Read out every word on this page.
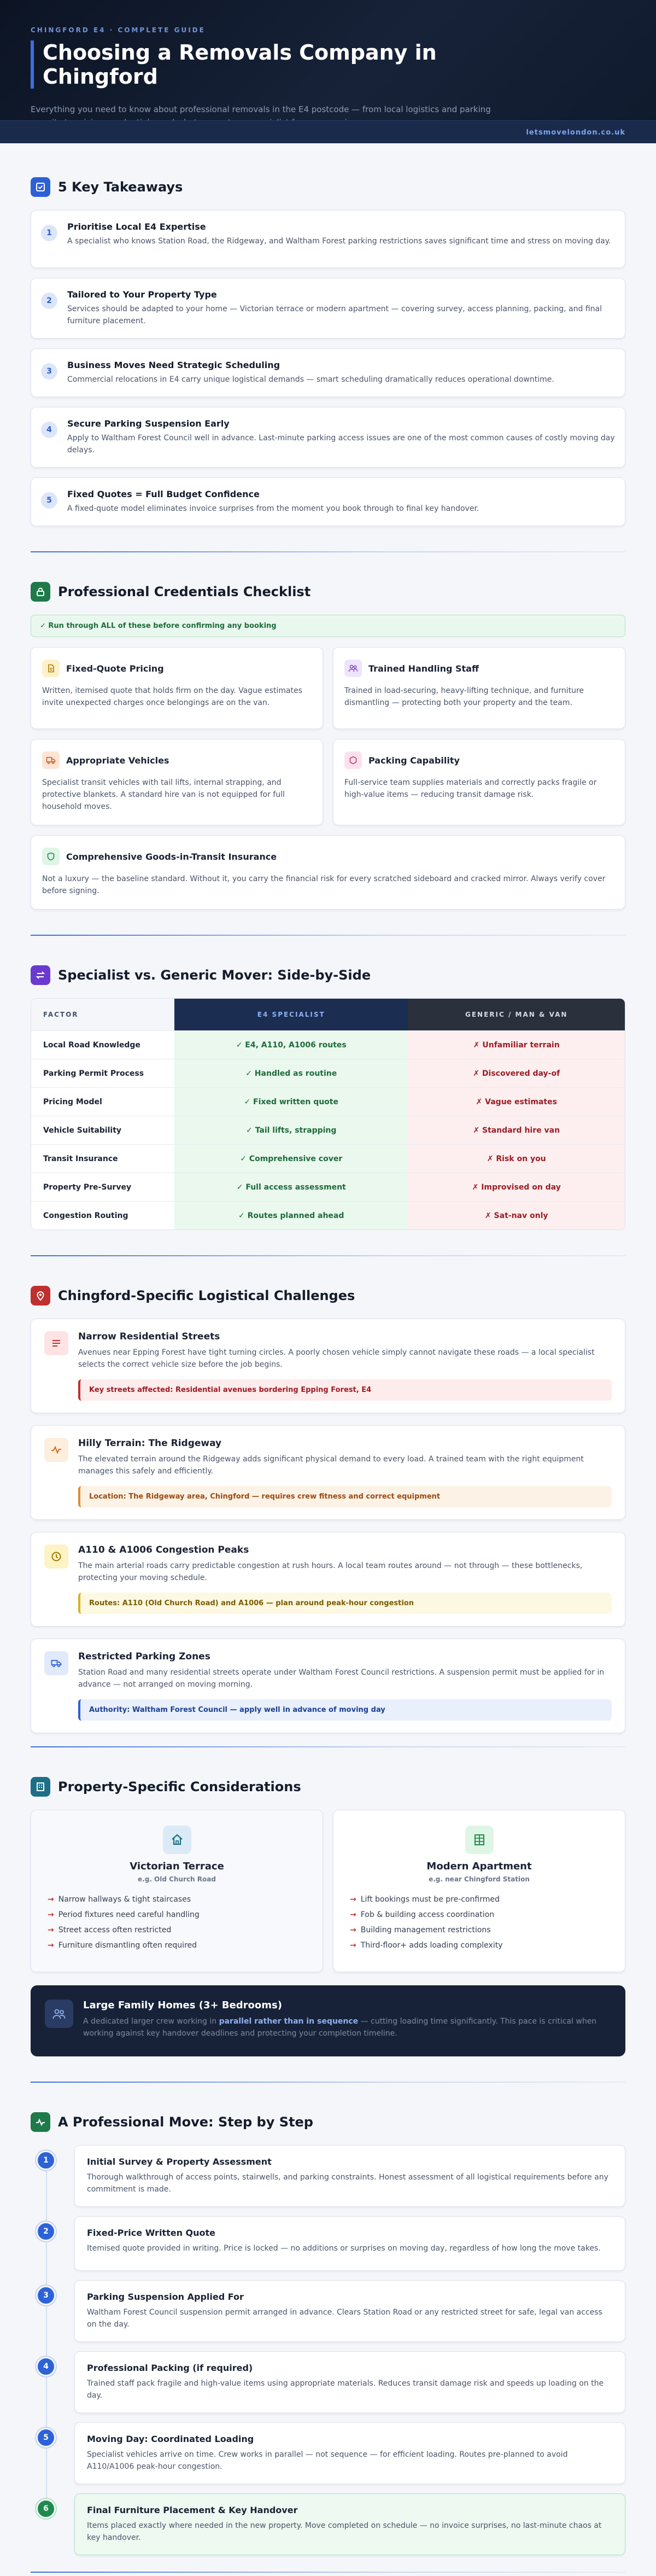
CHINGFORD E4 · COMPLETE GUIDE
Choosing a Removals Company in Chingford

Everything you need to know about professional removals in the E4 postcode — from local logistics and parking

letsmovelondon.co.uk
5 Key Takeaways
1
Prioritise Local E4 Expertise

A specialist who knows Station Road, the Ridgeway, and Waltham Forest parking restrictions saves significant time and stress on moving day.

2
Tailored to Your Property Type

Services should be adapted to your home — Victorian terrace or modern apartment — covering survey, access planning, packing, and final furniture placement.

3
Business Moves Need Strategic Scheduling

Commercial relocations in E4 carry unique logistical demands — smart scheduling dramatically reduces operational downtime.

4
Secure Parking Suspension Early

Apply to Waltham Forest Council well in advance. Last-minute parking access issues are one of the most common causes of costly moving day delays.

5
Fixed Quotes = Full Budget Confidence

A fixed-quote model eliminates invoice surprises from the moment you book through to final key handover.

Professional Credentials Checklist
✓ Run through ALL of these before confirming any booking
Fixed-Quote Pricing

Written, itemised quote that holds firm on the day. Vague estimates invite unexpected charges once belongings are on the van.

Trained Handling Staff

Trained in load-securing, heavy-lifting technique, and furniture dismantling — protecting both your property and the team.

Appropriate Vehicles

Specialist transit vehicles with tail lifts, internal strapping, and protective blankets. A standard hire van is not equipped for full household moves.

Packing Capability

Full-service team supplies materials and correctly packs fragile or high-value items — reducing transit damage risk.

Comprehensive Goods-in-Transit Insurance

Not a luxury — the baseline standard. Without it, you carry the financial risk for every scratched sideboard and cracked mirror. Always verify cover before signing.

Specialist vs. Generic Mover: Side-by-Side
FACTOR	E4 SPECIALIST	GENERIC / MAN & VAN
Local Road Knowledge	✓ E4, A110, A1006 routes	✗ Unfamiliar terrain
Parking Permit Process	✓ Handled as routine	✗ Discovered day-of
Pricing Model	✓ Fixed written quote	✗ Vague estimates
Vehicle Suitability	✓ Tail lifts, strapping	✗ Standard hire van
Transit Insurance	✓ Comprehensive cover	✗ Risk on you
Property Pre-Survey	✓ Full access assessment	✗ Improvised on day
Congestion Routing	✓ Routes planned ahead	✗ Sat-nav only
Chingford-Specific Logistical Challenges
Narrow Residential Streets

Avenues near Epping Forest have tight turning circles. A poorly chosen vehicle simply cannot navigate these roads — a local specialist selects the correct vehicle size before the job begins.

Key streets affected: Residential avenues bordering Epping Forest, E4
Hilly Terrain: The Ridgeway

The elevated terrain around the Ridgeway adds significant physical demand to every load. A trained team with the right equipment manages this safely and efficiently.

Location: The Ridgeway area, Chingford — requires crew fitness and correct equipment
A110 & A1006 Congestion Peaks

The main arterial roads carry predictable congestion at rush hours. A local team routes around — not through — these bottlenecks, protecting your moving schedule.

Routes: A110 (Old Church Road) and A1006 — plan around peak-hour congestion
Restricted Parking Zones

Station Road and many residential streets operate under Waltham Forest Council restrictions. A suspension permit must be applied for in advance — not arranged on moving morning.

Authority: Waltham Forest Council — apply well in advance of moving day
Property-Specific Considerations
Victorian Terrace
e.g. Old Church Road
→ Narrow hallways & tight staircases
→ Period fixtures need careful handling
→ Street access often restricted
→ Furniture dismantling often required
Modern Apartment
e.g. near Chingford Station
→ Lift bookings must be pre-confirmed
→ Fob & building access coordination
→ Building management restrictions
→ Third-floor+ adds loading complexity
Large Family Homes (3+ Bedrooms)

A dedicated larger crew working in parallel rather than in sequence — cutting loading time significantly. This pace is critical when working against key handover deadlines and protecting your completion timeline.

A Professional Move: Step by Step
1	Initial Survey & Property Assessment

Thorough walkthrough of access points, stairwells, and parking constraints. Honest assessment of all logistical requirements before any commitment is made.

2	Fixed-Price Written Quote

Itemised quote provided in writing. Price is locked — no additions or surprises on moving day, regardless of how long the move takes.

3	Parking Suspension Applied For

Waltham Forest Council suspension permit arranged in advance. Clears Station Road or any restricted street for safe, legal van access on the day.

4	Professional Packing (if required)

Trained staff pack fragile and high-value items using appropriate materials. Reduces transit damage risk and speeds up loading on the day.

5	Moving Day: Coordinated Loading

Specialist vehicles arrive on time. Crew works in parallel — not sequence — for efficient loading. Routes pre-planned to avoid A110/A1006 peak-hour congestion.

6	Final Furniture Placement & Key Handover

Items placed exactly where needed in the new property. Move completed on schedule — no invoice surprises, no last-minute chaos at key handover.
